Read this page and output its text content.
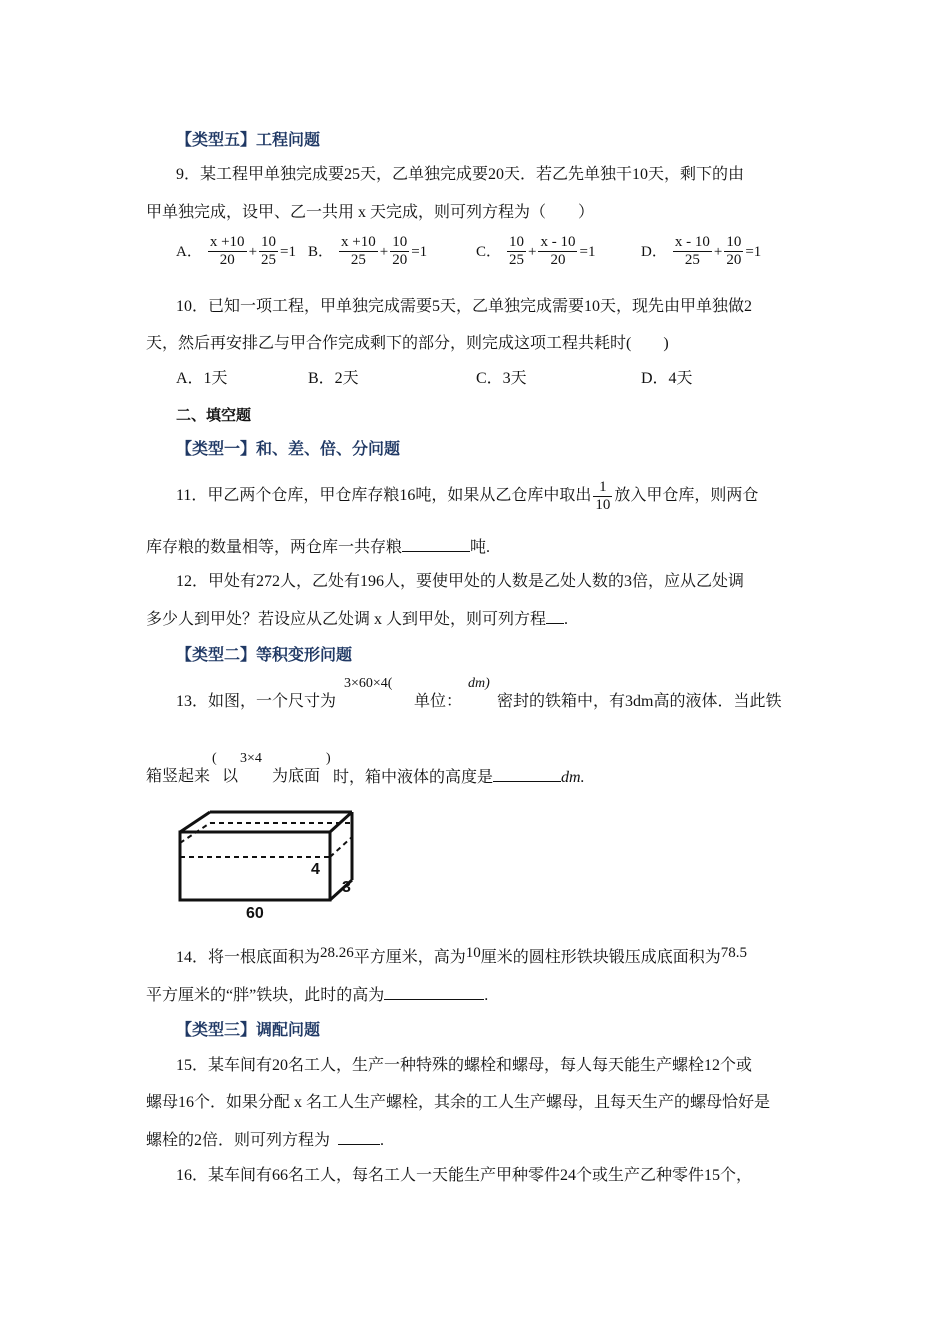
【类型五】工程问题
9．某工程甲单独完成要25天，乙单独完成要20天．若乙先单独干10天，剩下的由
甲单独完成，设甲、乙一共用 x 天完成，则可列方程为（　　）
A． $\frac{x +10}{20} + \frac{10}{25} =1$ B． $\frac{x +10}{25} + \frac{10}{20} =1$	C． $\frac{10}{25} + \frac{x - 10}{20} =1$	D． $\frac{x - 10}{25} + \frac{10}{20} =1$
10．已知一项工程，甲单独完成需要5天，乙单独完成需要10天，现先由甲单独做2
天，然后再安排乙与甲合作完成剩下的部分，则完成这项工程共耗时(　　)
A．1天	B．2天	C．3天	D．4天
二、填空题
【类型一】和、差、倍、分问题
11．甲乙两个仓库，甲仓库存粮16吨，如果从乙仓库中取出 $\frac{1}{10}$ 放入甲仓库，则两仓
库存粮的数量相等，两仓库一共存粮	吨.
12．甲处有272人，乙处有196人，要使甲处的人数是乙处人数的3倍，应从乙处调
多少人到甲处？若设应从乙处调 x 人到甲处，则可列方程 .
【类型二】等积变形问题
3×60×4(	dm)
13．如图，一个尺寸为	单位： 密封的铁箱中，有3dm高的液体．当此铁
( 3×4	)
箱竖起来 以 为底面 时，箱中液体的高度是	dm.
4
3
60
14．将一根底面积为28.26平方厘米，高为10厘米的圆柱形铁块锻压成底面积为78.5
平方厘米的“胖”铁块，此时的高为	.
【类型三】调配问题
15．某车间有20名工人，生产一种特殊的螺栓和螺母，每人每天能生产螺栓12个或
螺母16个．如果分配 x 名工人生产螺栓，其余的工人生产螺母，且每天生产的螺母恰好是
螺栓的2倍．则可列方程为	.
16．某车间有66名工人，每名工人一天能生产甲种零件24个或生产乙种零件15个，
